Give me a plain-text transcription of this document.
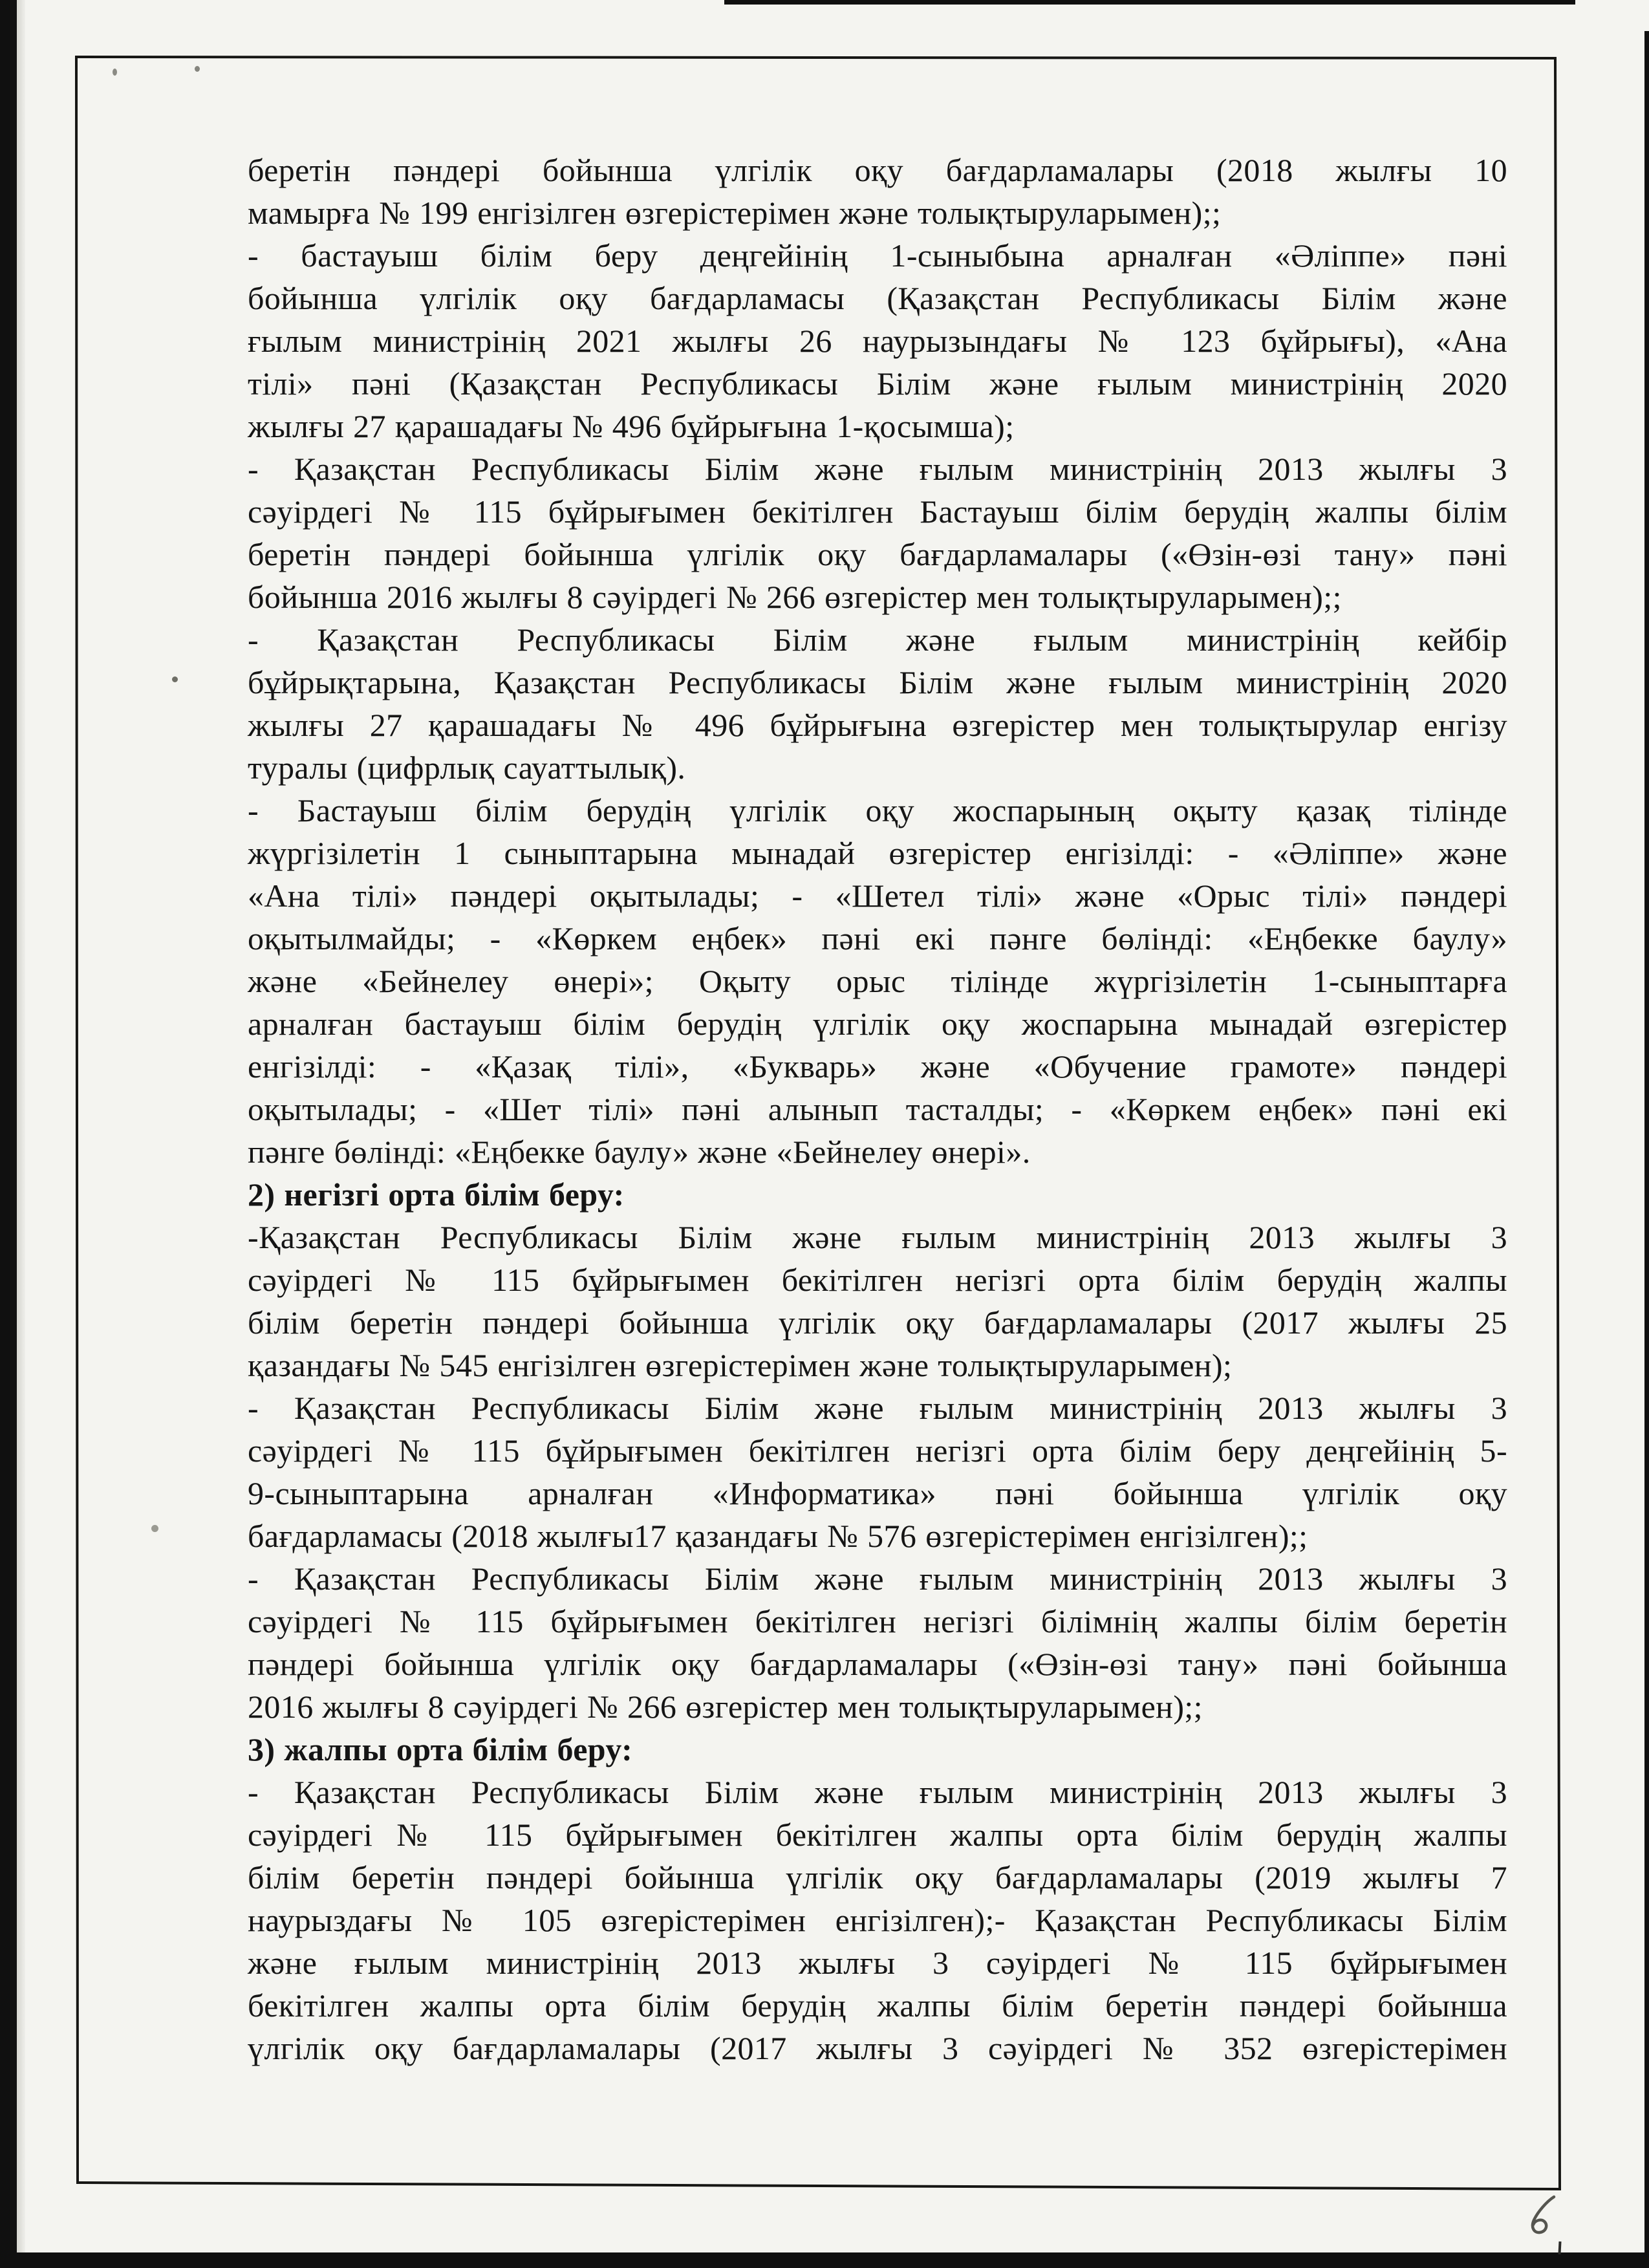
беретін пәндері бойынша үлгілік оқу бағдарламалары (2018 жылғы 10
мамырға № 199 енгізілген өзгерістерімен және толықтыруларымен);;
- бастауыш білім беру деңгейінің 1-сыныбына арналған «Әліппе» пәні
бойынша үлгілік оқу бағдарламасы (Қазақстан Республикасы Білім және
ғылым министрінің 2021 жылғы 26 наурызындағы № 123 бұйрығы), «Ана
тілі» пәні (Қазақстан Республикасы Білім және ғылым министрінің 2020
жылғы 27 қарашадағы № 496 бұйрығына 1-қосымша);
- Қазақстан Республикасы Білім және ғылым министрінің 2013 жылғы 3
сәуірдегі № 115 бұйрығымен бекітілген Бастауыш білім берудің жалпы білім
беретін пәндері бойынша үлгілік оқу бағдарламалары («Өзін-өзі тану» пәні
бойынша 2016 жылғы 8 сәуірдегі № 266 өзгерістер мен толықтыруларымен);;
- Қазақстан Республикасы Білім және ғылым министрінің кейбір
бұйрықтарына, Қазақстан Республикасы Білім және ғылым министрінің 2020
жылғы 27 қарашадағы № 496 бұйрығына өзгерістер мен толықтырулар енгізу
туралы (цифрлық сауаттылық).
- Бастауыш білім берудің үлгілік оқу жоспарының оқыту қазақ тілінде
жүргізілетін 1 сыныптарына мынадай өзгерістер енгізілді: - «Әліппе» және
«Ана тілі» пәндері оқытылады; - «Шетел тілі» және «Орыс тілі» пәндері
оқытылмайды; - «Көркем еңбек» пәні екі пәнге бөлінді: «Еңбекке баулу»
және «Бейнелеу өнері»; Оқыту орыс тілінде жүргізілетін 1-сыныптарға
арналған бастауыш білім берудің үлгілік оқу жоспарына мынадай өзгерістер
енгізілді: - «Қазақ тілі», «Букварь» және «Обучение грамоте» пәндері
оқытылады; - «Шет тілі» пәні алынып тасталды; - «Көркем еңбек» пәні екі
пәнге бөлінді: «Еңбекке баулу» және «Бейнелеу өнері».
2) негізгі орта білім беру:
-Қазақстан Республикасы Білім және ғылым министрінің 2013 жылғы 3
сәуірдегі № 115 бұйрығымен бекітілген негізгі орта білім берудің жалпы
білім беретін пәндері бойынша үлгілік оқу бағдарламалары (2017 жылғы 25
қазандағы № 545 енгізілген өзгерістерімен және толықтыруларымен);
- Қазақстан Республикасы Білім және ғылым министрінің 2013 жылғы 3
сәуірдегі № 115 бұйрығымен бекітілген негізгі орта білім беру деңгейінің 5-
9-сыныптарына арналған «Информатика» пәні бойынша үлгілік оқу
бағдарламасы (2018 жылғы17 қазандағы № 576 өзгерістерімен енгізілген);;
- Қазақстан Республикасы Білім және ғылым министрінің 2013 жылғы 3
сәуірдегі № 115 бұйрығымен бекітілген негізгі білімнің жалпы білім беретін
пәндері бойынша үлгілік оқу бағдарламалары («Өзін-өзі тану» пәні бойынша
2016 жылғы 8 сәуірдегі № 266 өзгерістер мен толықтыруларымен);;
3) жалпы орта білім беру:
- Қазақстан Республикасы Білім және ғылым министрінің 2013 жылғы 3
сәуірдегі№ 115 бұйрығымен бекітілген жалпы орта білім берудің жалпы
білім беретін пәндері бойынша үлгілік оқу бағдарламалары (2019 жылғы 7
наурыздағы № 105 өзгерістерімен енгізілген);- Қазақстан Республикасы Білім
және ғылым министрінің 2013 жылғы 3 сәуірдегі № 115 бұйрығымен
бекітілген жалпы орта білім берудің жалпы білім беретін пәндері бойынша
үлгілік оқу бағдарламалары (2017 жылғы 3 сәуірдегі № 352 өзгерістерімен
